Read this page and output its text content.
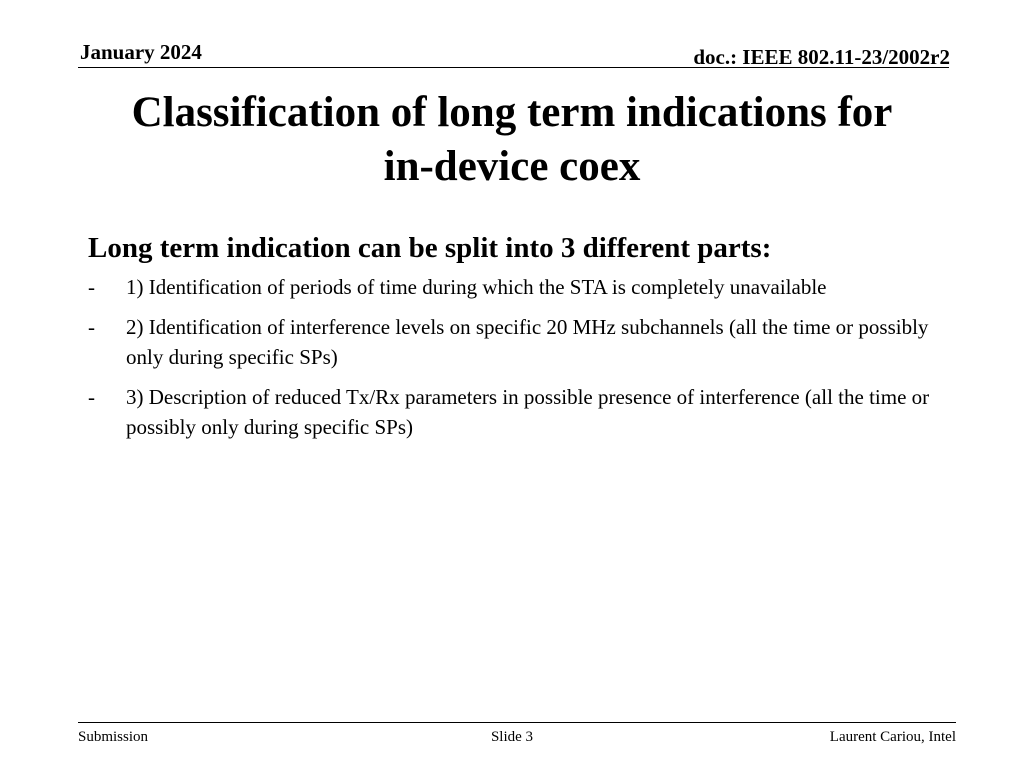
January 2024	doc.: IEEE 802.11-23/2002r2
Classification of long term indications for
in-device coex
Long term indication can be split into 3 different parts:
-	1) Identification of periods of time during which the STA is completely unavailable
-	2) Identification of interference levels on specific 20 MHz subchannels (all the time or possibly only during specific SPs)
-	3) Description of reduced Tx/Rx parameters in possible presence of interference (all the time or possibly only during specific SPs)
Submission	Slide 3	Laurent Cariou, Intel
